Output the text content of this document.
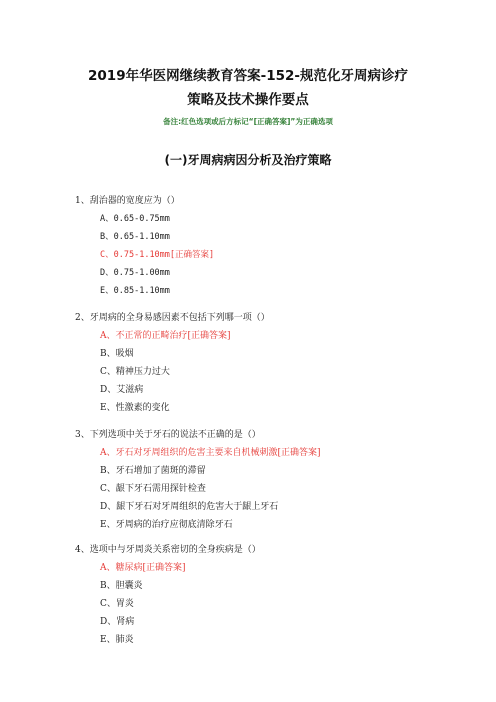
2019年华医网继续教育答案-152-规范化牙周病诊疗
策略及技术操作要点
备注:红色选项或后方标记“[正确答案]”为正确选项
(一)牙周病病因分析及治疗策略
1、刮治器的宽度应为（）
A、0.65-0.75mm
B、0.65-1.10mm
C、0.75-1.10mm[正确答案]
D、0.75-1.00mm
E、0.85-1.10mm
2、牙周病的全身易感因素不包括下列哪一项（）
A、不正常的正畸治疗[正确答案]
B、吸烟
C、精神压力过大
D、艾滋病
E、性激素的变化
3、下列选项中关于牙石的说法不正确的是（）
A、牙石对牙周组织的危害主要来自机械刺激[正确答案]
B、牙石增加了菌斑的滞留
C、龈下牙石需用探针检查
D、龈下牙石对牙周组织的危害大于龈上牙石
E、牙周病的治疗应彻底清除牙石
4、选项中与牙周炎关系密切的全身疾病是（）
A、糖尿病[正确答案]
B、胆囊炎
C、胃炎
D、肾病
E、肺炎
